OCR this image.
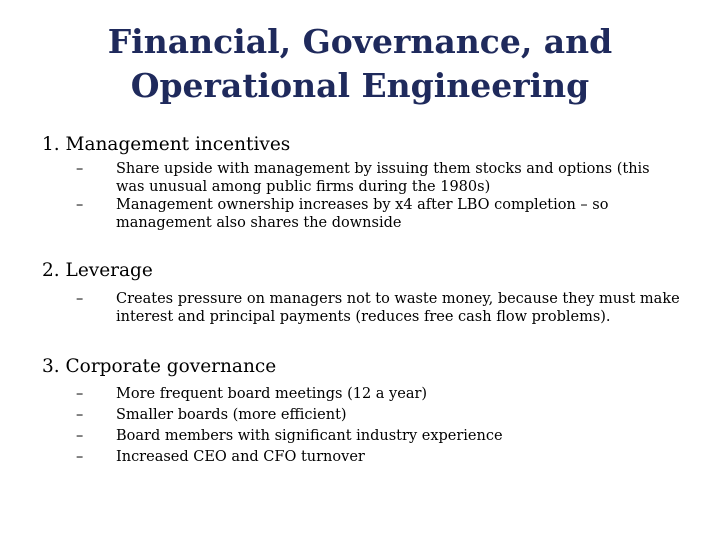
Financial, Governance, and
Operational Engineering
1. Management incentives
–	Share upside with management by issuing them stocks and options (this was unusual among public firms during the 1980s)
–	Management ownership increases by x4 after LBO completion – so management also shares the downside
2. Leverage
–	Creates pressure on managers not to waste money, because they must make interest and principal payments (reduces free cash flow problems).
3. Corporate governance
–	More frequent board meetings (12 a year)
–	Smaller boards (more efficient)
–	Board members with significant industry experience
–	Increased CEO and CFO turnover
